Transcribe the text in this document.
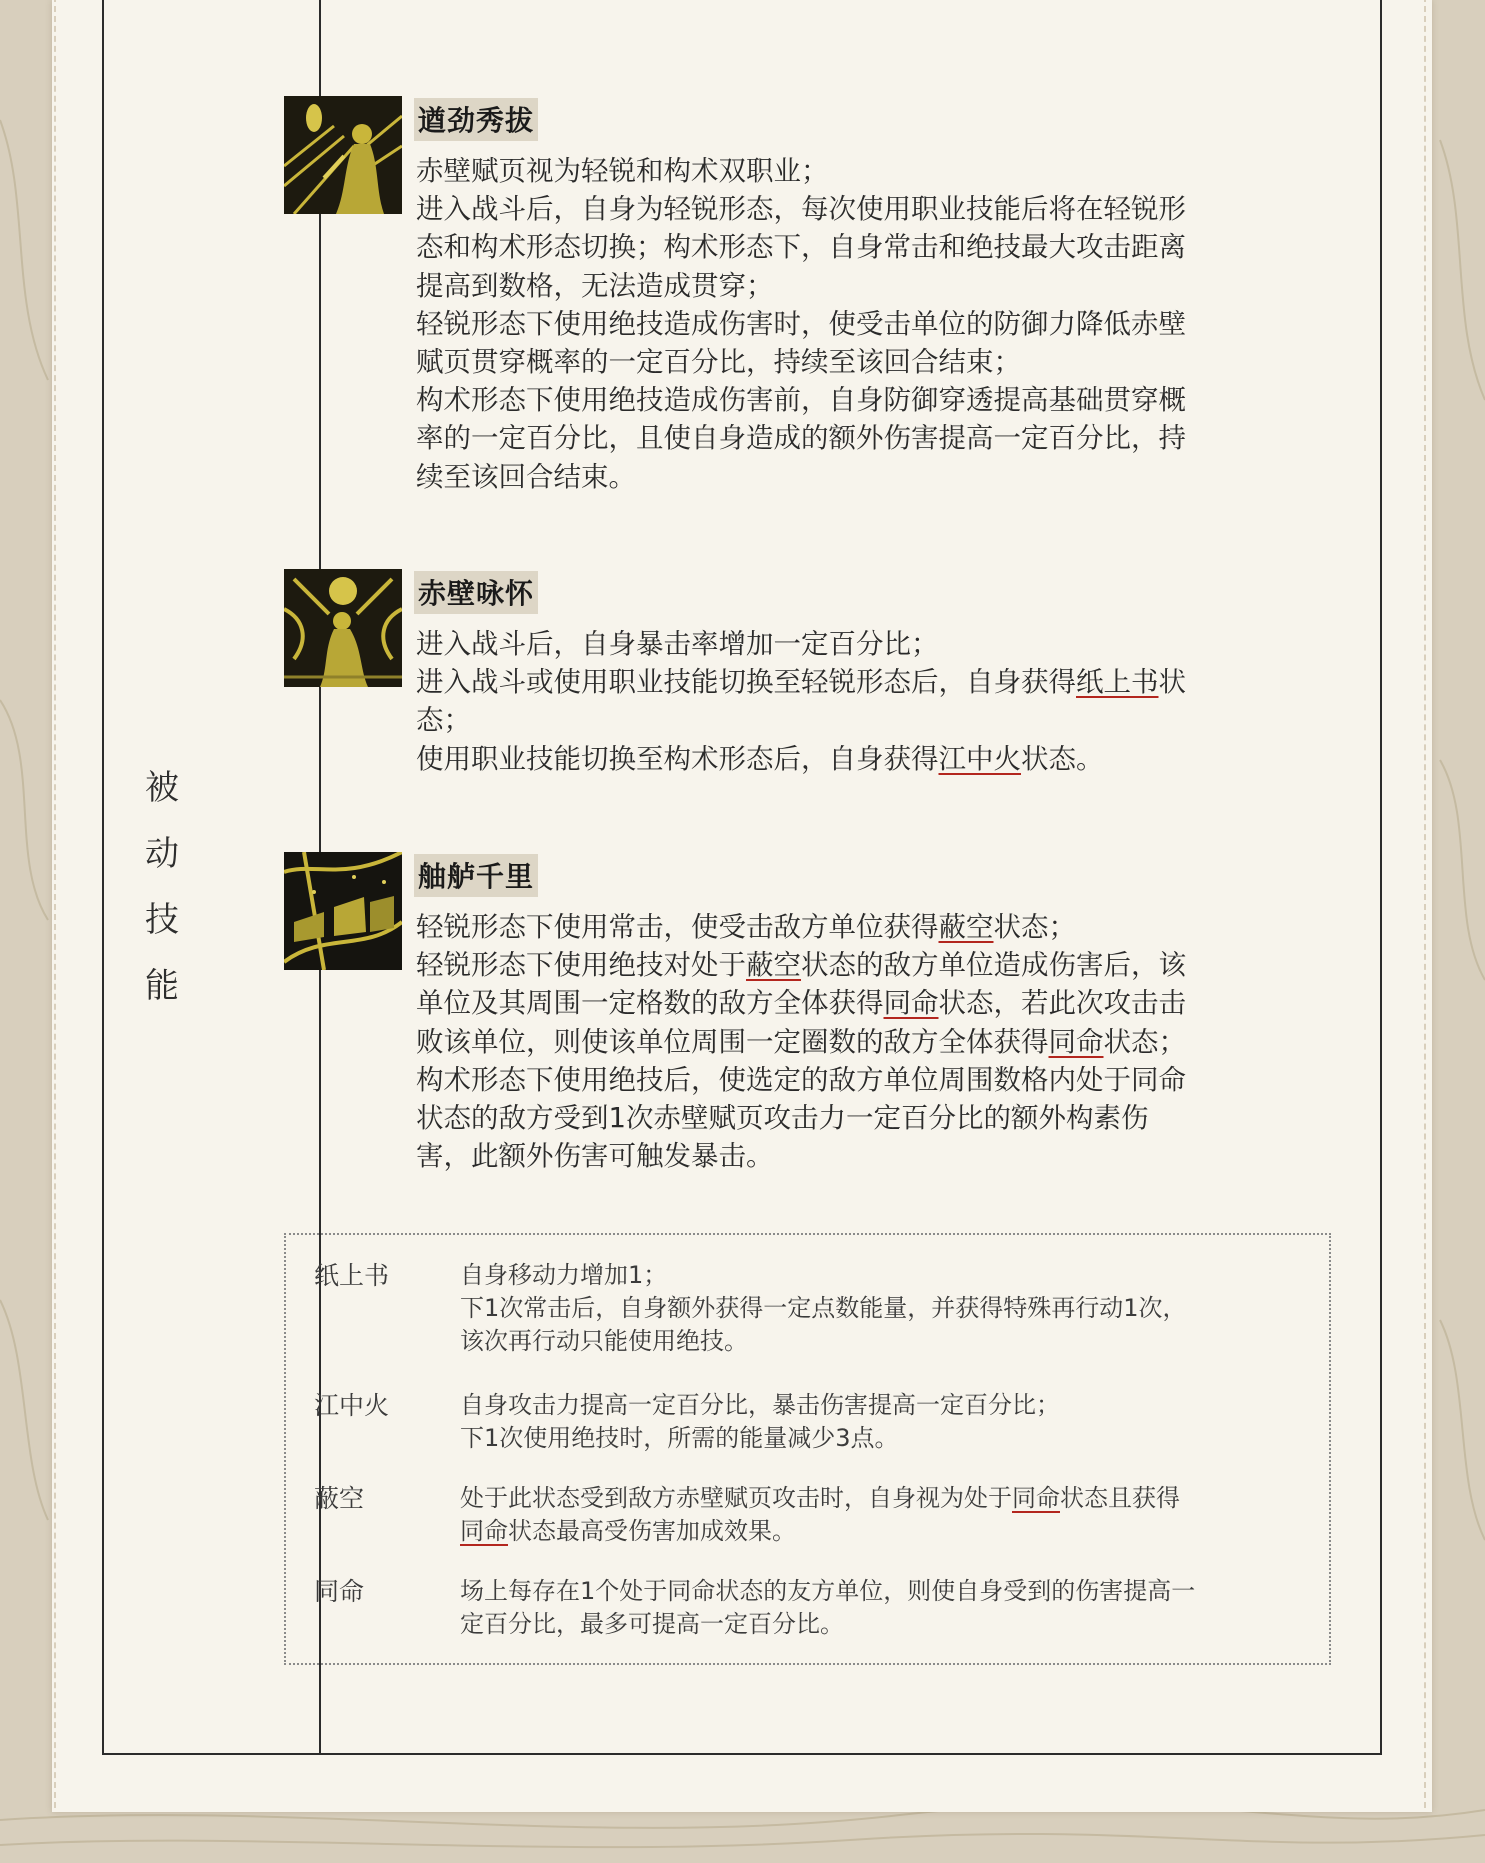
被
动
技
能
遒劲秀拔

赤壁赋页视为轻锐和构术双职业；
进入战斗后，自身为轻锐形态，每次使用职业技能后将在轻锐形
态和构术形态切换；构术形态下，自身常击和绝技最大攻击距离
提高到数格，无法造成贯穿；
轻锐形态下使用绝技造成伤害时，使受击单位的防御力降低赤壁
赋页贯穿概率的一定百分比，持续至该回合结束；
构术形态下使用绝技造成伤害前，自身防御穿透提高基础贯穿概
率的一定百分比，且使自身造成的额外伤害提高一定百分比，持
续至该回合结束。

赤壁咏怀

进入战斗后，自身暴击率增加一定百分比；
进入战斗或使用职业技能切换至轻锐形态后，自身获得纸上书状
态；
使用职业技能切换至构术形态后，自身获得江中火状态。

舳舻千里

轻锐形态下使用常击，使受击敌方单位获得蔽空状态；
轻锐形态下使用绝技对处于蔽空状态的敌方单位造成伤害后，该
单位及其周围一定格数的敌方全体获得同命状态，若此次攻击击
败该单位，则使该单位周围一定圈数的敌方全体获得同命状态；
构术形态下使用绝技后，使选定的敌方单位周围数格内处于同命
状态的敌方受到1次赤壁赋页攻击力一定百分比的额外构素伤
害，此额外伤害可触发暴击。

纸上书	自身移动力增加1；
下1次常击后，自身额外获得一定点数能量，并获得特殊再行动1次，
该次再行动只能使用绝技。
江中火	自身攻击力提高一定百分比，暴击伤害提高一定百分比；
下1次使用绝技时，所需的能量减少3点。
蔽空	处于此状态受到敌方赤壁赋页攻击时，自身视为处于同命状态且获得
同命状态最高受伤害加成效果。
同命	场上每存在1个处于同命状态的友方单位，则使自身受到的伤害提高一
定百分比，最多可提高一定百分比。
